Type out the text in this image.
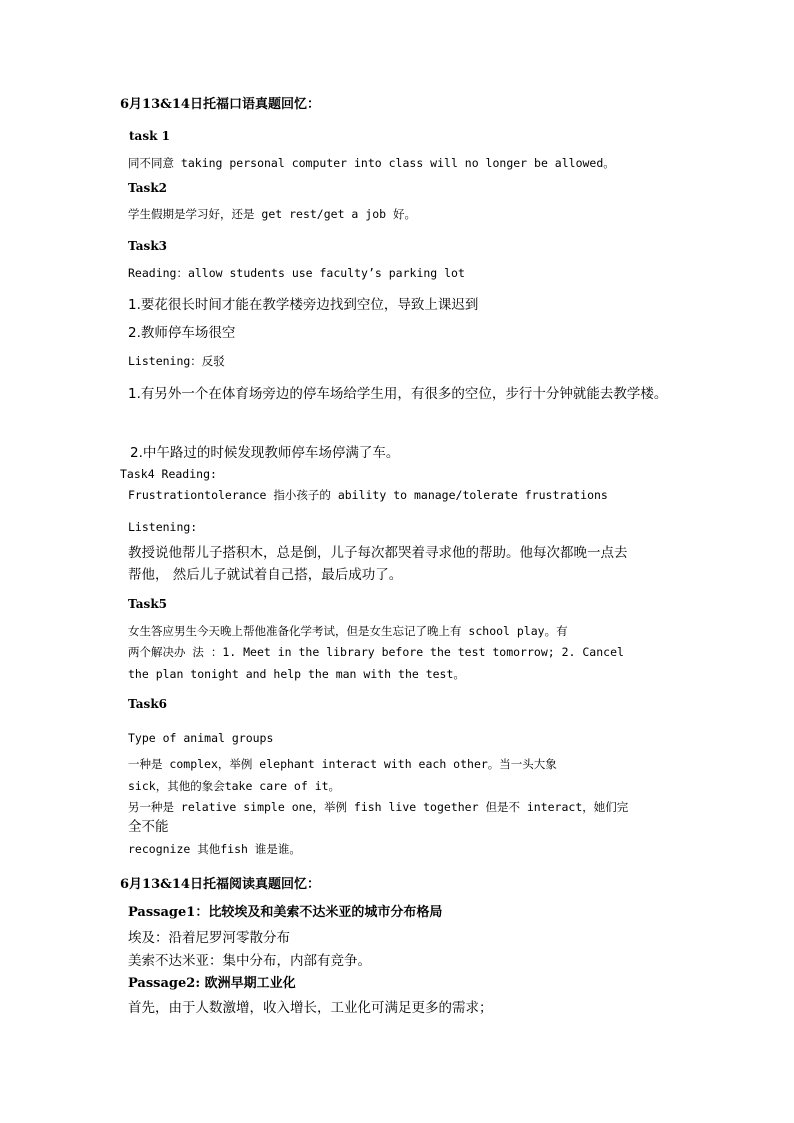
6月13&14日托福口语真题回忆：
task 1
同不同意 taking personal computer into class will no longer be allowed。
Task2
学生假期是学习好，还是 get rest/get a job 好。
Task3
Reading：allow students use faculty’s parking lot
1.要花很长时间才能在教学楼旁边找到空位，导致上课迟到
2.教师停车场很空
Listening：反驳
1.有另外一个在体育场旁边的停车场给学生用，有很多的空位，步行十分钟就能去教学楼。
2.中午路过的时候发现教师停车场停满了车。
Task4 Reading:
Frustrationtolerance 指小孩子的 ability to manage/tolerate frustrations
Listening:
教授说他帮儿子搭积木，总是倒，儿子每次都哭着寻求他的帮助。他每次都晚一点去
帮他， 然后儿子就试着自己搭，最后成功了。
Task5
女生答应男生今天晚上帮他准备化学考试，但是女生忘记了晚上有 school play。有
两个解决办 法 ：1. Meet in the library before the test tomorrow; 2. Cancel
the plan tonight and help the man with the test。
Task6
Type of animal groups
一种是 complex，举例 elephant interact with each other。当一头大象
sick，其他的象会take care of it。
另一种是 relative simple one，举例 fish live together 但是不 interact，她们完
全不能
recognize 其他fish 谁是谁。
6月13&14日托福阅读真题回忆：
Passage1：比较埃及和美索不达米亚的城市分布格局
埃及：沿着尼罗河零散分布
美索不达米亚：集中分布，内部有竞争。
Passage2: 欧洲早期工业化
首先，由于人数激增，收入增长，工业化可满足更多的需求；
